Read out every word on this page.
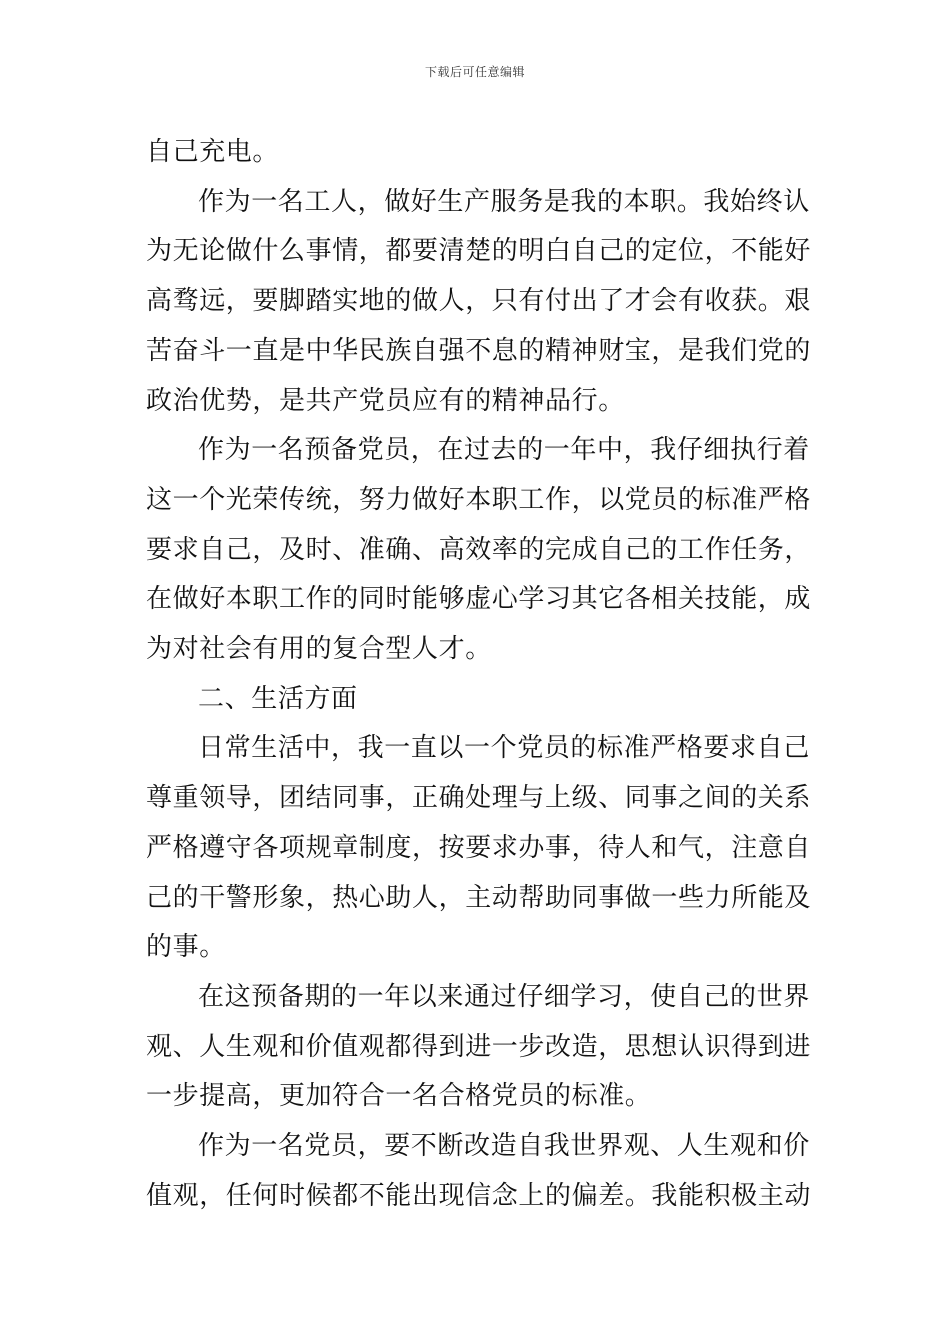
下载后可任意编辑

自己充电。

作为一名工人，做好生产服务是我的本职。我始终认
为无论做什么事情，都要清楚的明白自己的定位，不能好
高骛远，要脚踏实地的做人，只有付出了才会有收获。艰
苦奋斗一直是中华民族自强不息的精神财宝，是我们党的
政治优势，是共产党员应有的精神品行。

作为一名预备党员，在过去的一年中，我仔细执行着
这一个光荣传统，努力做好本职工作，以党员的标准严格
要求自己，及时、准确、高效率的完成自己的工作任务，
在做好本职工作的同时能够虚心学习其它各相关技能，成
为对社会有用的复合型人才。

二、生活方面

日常生活中，我一直以一个党员的标准严格要求自己
尊重领导，团结同事，正确处理与上级、同事之间的关系
严格遵守各项规章制度，按要求办事，待人和气，注意自
己的干警形象，热心助人，主动帮助同事做一些力所能及
的事。

在这预备期的一年以来通过仔细学习，使自己的世界
观、人生观和价值观都得到进一步改造，思想认识得到进
一步提高，更加符合一名合格党员的标准。

作为一名党员，要不断改造自我世界观、人生观和价
值观，任何时候都不能出现信念上的偏差。我能积极主动
